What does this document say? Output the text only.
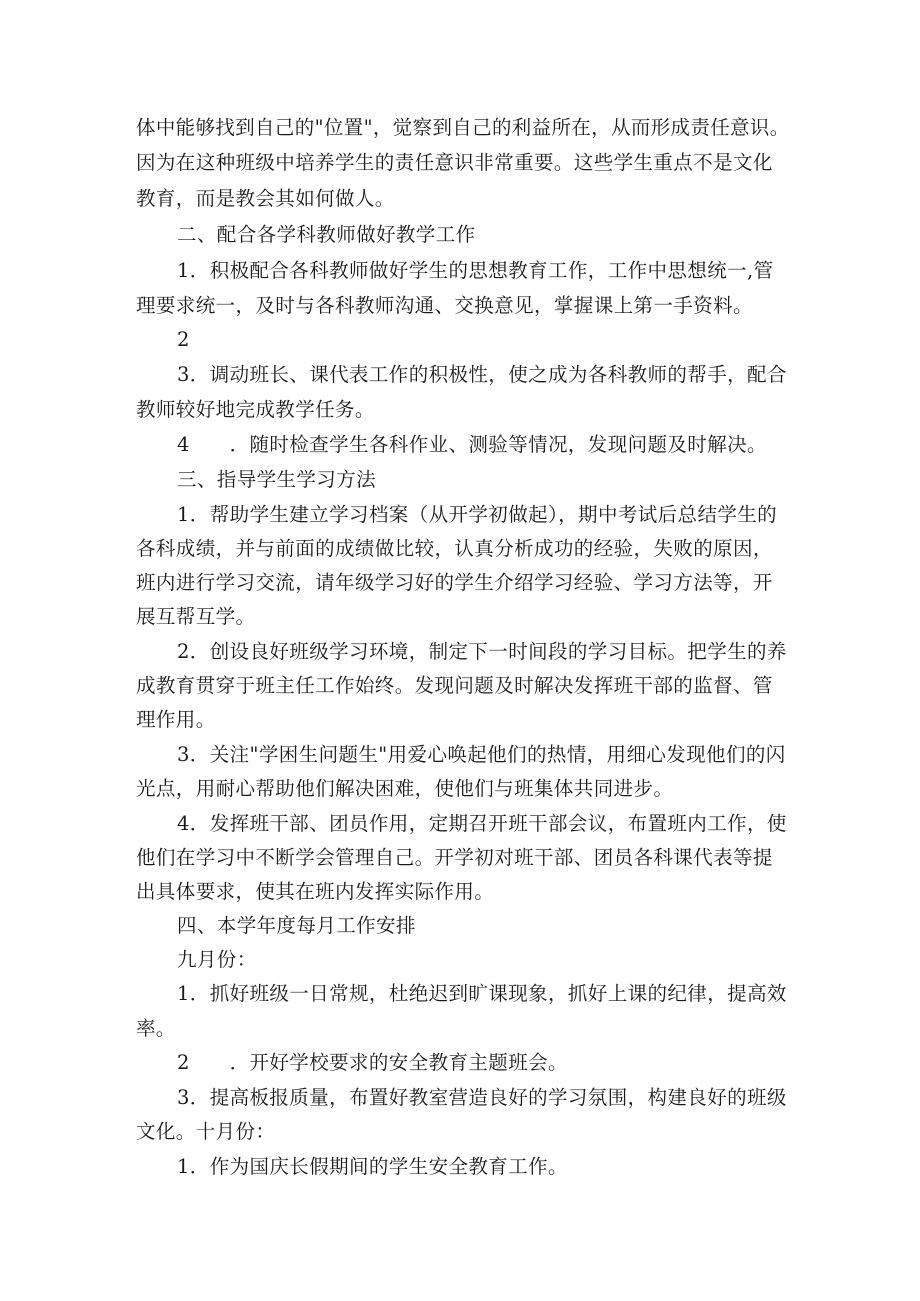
体中能够找到自己的"位置"，觉察到自己的利益所在，从而形成责任意识。
因为在这种班级中培养学生的责任意识非常重要。这些学生重点不是文化
教育，而是教会其如何做人。
二、配合各学科教师做好教学工作
1．积极配合各科教师做好学生的思想教育工作，工作中思想统一,管
理要求统一，及时与各科教师沟通、交换意见，掌握课上第一手资料。
2
3．调动班长、课代表工作的积极性，使之成为各科教师的帮手，配合
教师较好地完成教学任务。
4　　．随时检查学生各科作业、测验等情况，发现问题及时解决。
三、指导学生学习方法
1．帮助学生建立学习档案（从开学初做起），期中考试后总结学生的
各科成绩，并与前面的成绩做比较，认真分析成功的经验，失败的原因，
班内进行学习交流，请年级学习好的学生介绍学习经验、学习方法等，开
展互帮互学。
2．创设良好班级学习环境，制定下一时间段的学习目标。把学生的养
成教育贯穿于班主任工作始终。发现问题及时解决发挥班干部的监督、管
理作用。
3．关注"学困生问题生"用爱心唤起他们的热情，用细心发现他们的闪
光点，用耐心帮助他们解决困难，使他们与班集体共同进步。
4．发挥班干部、团员作用，定期召开班干部会议，布置班内工作，使
他们在学习中不断学会管理自己。开学初对班干部、团员各科课代表等提
出具体要求，使其在班内发挥实际作用。
四、本学年度每月工作安排
九月份：
1．抓好班级一日常规，杜绝迟到旷课现象，抓好上课的纪律，提高效
率。
2　　．开好学校要求的安全教育主题班会。
3．提高板报质量，布置好教室营造良好的学习氛围，构建良好的班级
文化。十月份：
1．作为国庆长假期间的学生安全教育工作。
